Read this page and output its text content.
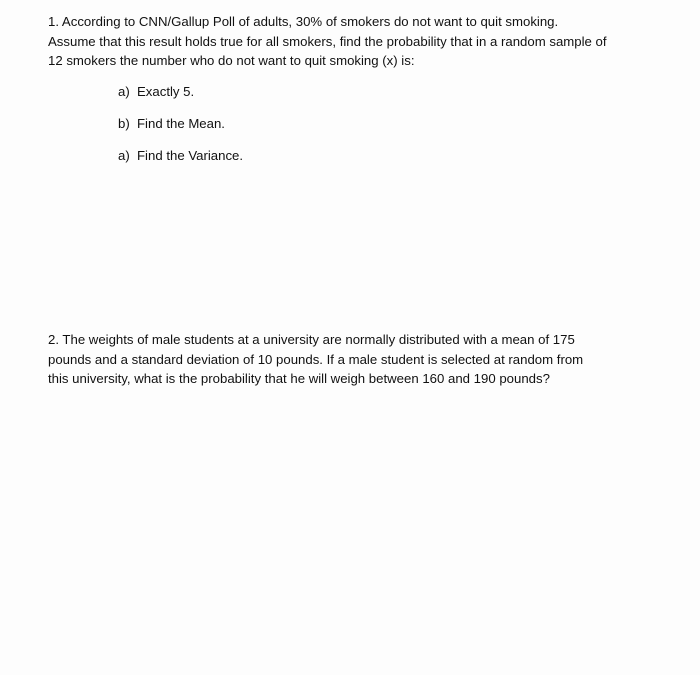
1. According to CNN/Gallup Poll of adults, 30% of smokers do not want to quit smoking.
Assume that this result holds true for all smokers, find the probability that in a random sample of
12 smokers the number who do not want to quit smoking (x) is:
a) Exactly 5.
b) Find the Mean.
a) Find the Variance.
2. The weights of male students at a university are normally distributed with a mean of 175
pounds and a standard deviation of 10 pounds. If a male student is selected at random from
this university, what is the probability that he will weigh between 160 and 190 pounds?
